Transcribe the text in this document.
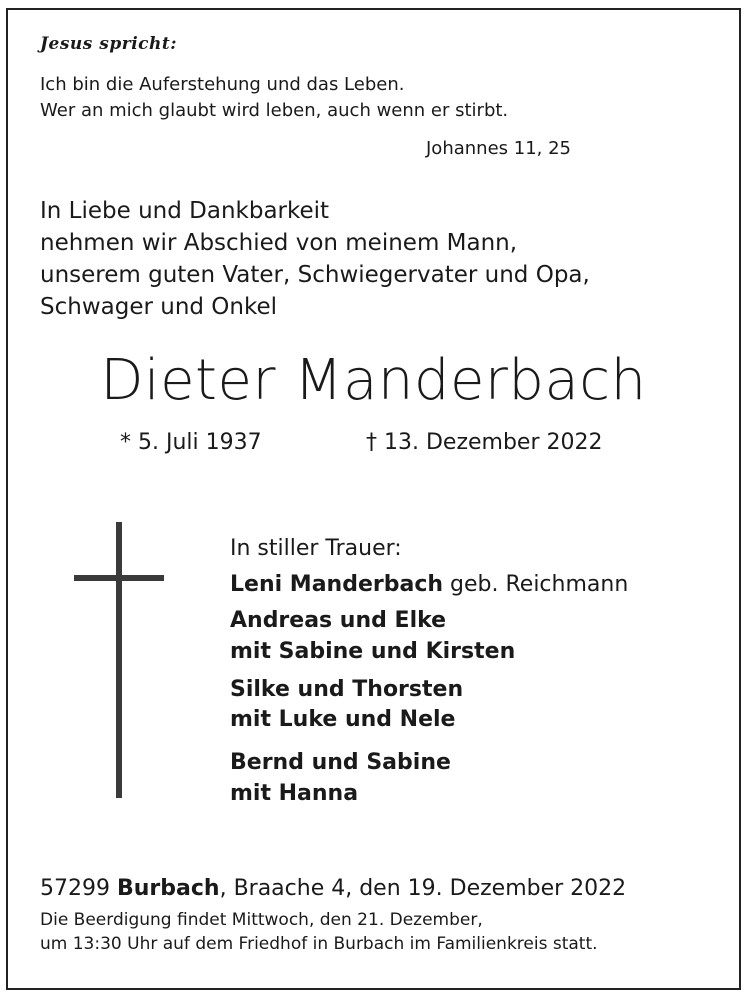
Jesus spricht:
Ich bin die Auferstehung und das Leben.
Wer an mich glaubt wird leben, auch wenn er stirbt.
Johannes 11, 25
In Liebe und Dankbarkeit
nehmen wir Abschied von meinem Mann,
unserem guten Vater, Schwiegervater und Opa,
Schwager und Onkel
Dieter Manderbach
* 5. Juli 1937	† 13. Dezember 2022
In stiller Trauer:
Leni Manderbach geb. Reichmann
Andreas und Elke
mit Sabine und Kirsten
Silke und Thorsten
mit Luke und Nele
Bernd und Sabine
mit Hanna
57299 Burbach, Braache 4, den 19. Dezember 2022
Die Beerdigung findet Mittwoch, den 21. Dezember,
um 13:30 Uhr auf dem Friedhof in Burbach im Familienkreis statt.
